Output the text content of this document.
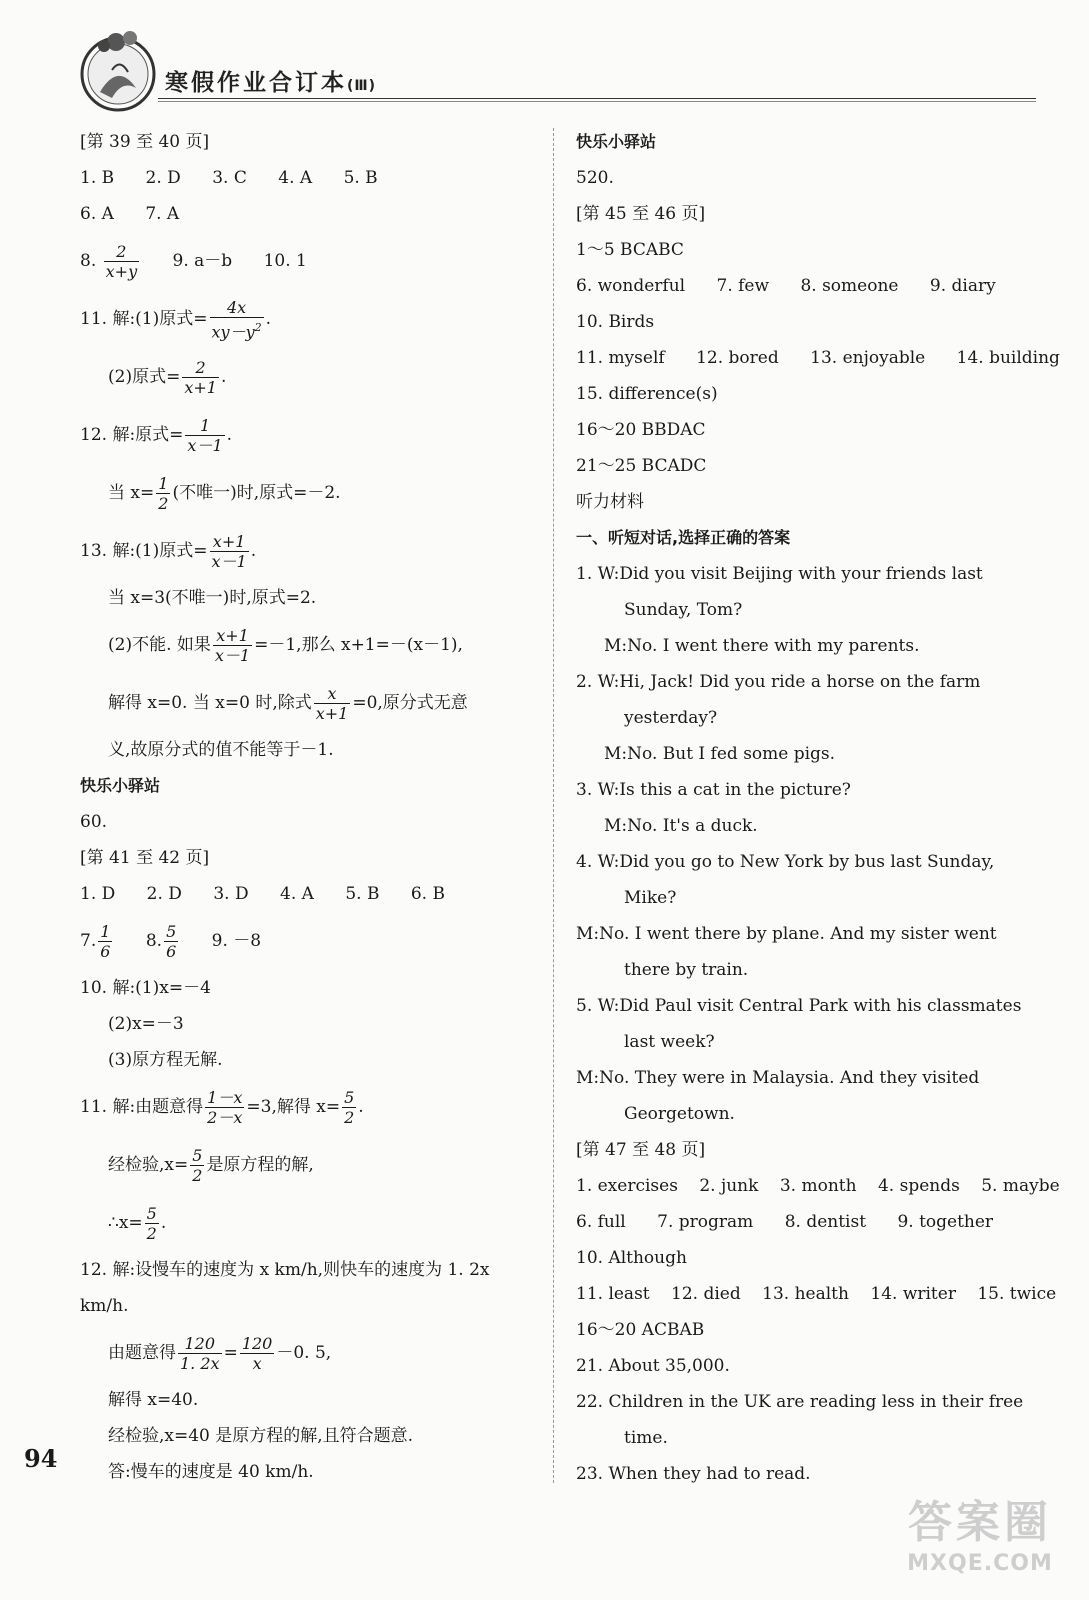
寒假作业合订本(Ⅲ)
[第 39 至 40 页]
1. B 2. D 3. C 4. A 5. B
6. A 7. A
8. $\frac{2}{x+y} 9$. a－b 10. 1
11. 解:(1)原式= $\frac{4x}{xy-y^2}$ .
(2)原式= $\frac{2}{x+1}$ .
12. 解:原式= $\frac{1}{x-1}$ .
当 $x= \frac{1}{2}$ (不唯一)时,原式=－2.
13. 解:(1)原式= $\frac{x+1}{x-1}$ .
当 x=3(不唯一)时,原式=2.
(2)不能. 如果 $\frac{x+1}{x-1} =-1$,那么 x+1=－(x－1),
解得 x=0. 当 x=0 时,除式 $\frac{x}{x+1} =0$,原分式无意
义,故原分式的值不能等于－1.
快乐小驿站
60.
[第 41 至 42 页]
1. D 2. D 3. D 4. A 5. B 6. B
7. $\frac{1}{6} 8$. $\frac{5}{6} 9$. －8
10. 解:(1)x=－4
(2)x=－3
(3)原方程无解.
11. 解:由题意得 $\frac{1-x}{2-x} =3$,解得 $x= \frac{5}{2}$ .
经检验$,x= \frac{5}{2}$ 是原方程的解,
∴x= $\frac{5}{2}$ .
12. 解:设慢车的速度为 x km/h,则快车的速度为 1. 2x
km/h.
由题意得 $\frac{120}{1. 2x} = \frac{120}{x} -0$. 5,
解得 x=40.
经检验,x=40 是原方程的解,且符合题意.
答:慢车的速度是 40 km/h.
快乐小驿站
520.
[第 45 至 46 页]
1～5 BCABC
6. wonderful 7. few 8. someone 9. diary
10. Birds
11. myself 12. bored 13. enjoyable 14. building
15. difference(s)
16～20 BBDAC
21～25 BCADC
听力材料
一、听短对话,选择正确的答案
1. W:Did you visit Beijing with your friends last Sunday, Tom?
M:No. I went there with my parents.
2. W:Hi, Jack! Did you ride a horse on the farm yesterday?
M:No. But I fed some pigs.
3. W:Is this a cat in the picture?
M:No. It's a duck.
4. W:Did you go to New York by bus last Sunday, Mike?
M:No. I went there by plane. And my sister went there by train.
5. W:Did Paul visit Central Park with his classmates last week?
M:No. They were in Malaysia. And they visited Georgetown.
[第 47 至 48 页]
1. exercises 2. junk 3. month 4. spends 5. maybe
6. full 7. program 8. dentist 9. together
10. Although
11. least 12. died 13. health 14. writer 15. twice
16～20 ACBAB
21. About 35,000.
22. Children in the UK are reading less in their free time.
23. When they had to read.
94
答案圈
MXQE.COM
